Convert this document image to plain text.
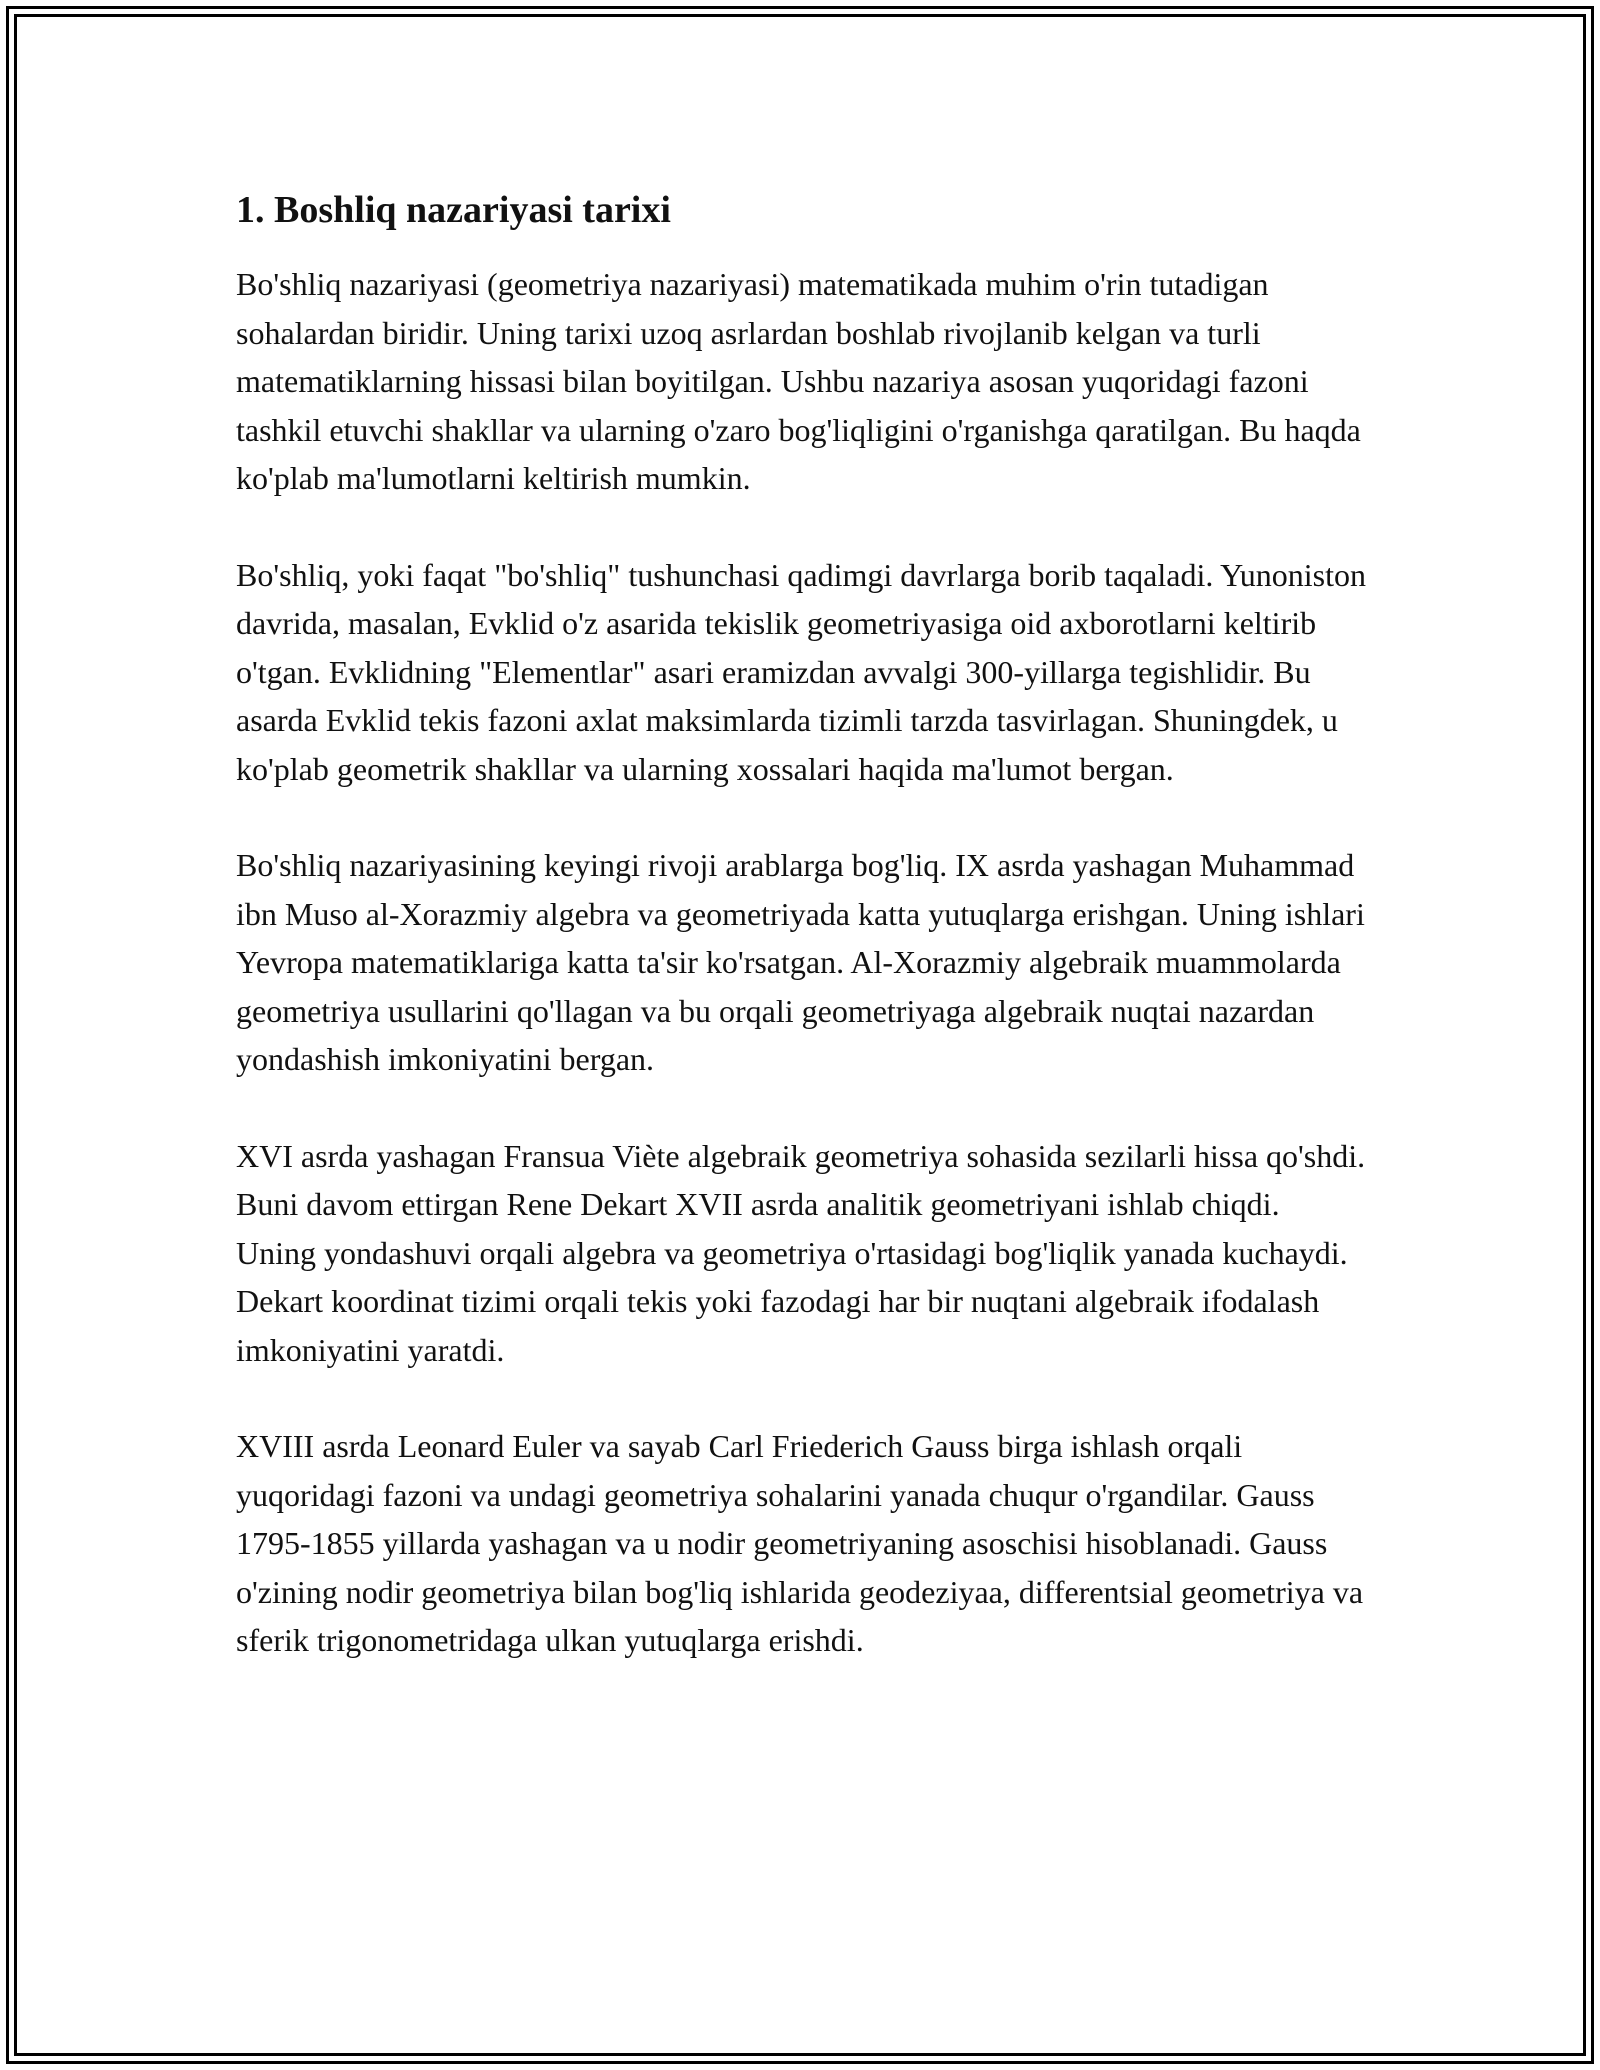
1. Boshliq nazariyasi tarixi

Bo'shliq nazariyasi (geometriya nazariyasi) matematikada muhim o'rin tutadigan sohalardan biridir. Uning tarixi uzoq asrlardan boshlab rivojlanib kelgan va turli matematiklarning hissasi bilan boyitilgan. Ushbu nazariya asosan yuqoridagi fazoni tashkil etuvchi shakllar va ularning o'zaro bog'liqligini o'rganishga qaratilgan. Bu haqda ko'plab ma'lumotlarni keltirish mumkin.

Bo'shliq, yoki faqat "bo'shliq" tushunchasi qadimgi davrlarga borib taqaladi. Yunoniston davrida, masalan, Evklid o'z asarida tekislik geometriyasiga oid axborotlarni keltirib o'tgan. Evklidning "Elementlar" asari eramizdan avvalgi 300-yillarga tegishlidir. Bu asarda Evklid tekis fazoni axlat maksimlarda tizimli tarzda tasvirlagan. Shuningdek, u ko'plab geometrik shakllar va ularning xossalari haqida ma'lumot bergan.

Bo'shliq nazariyasining keyingi rivoji arablarga bog'liq. IX asrda yashagan Muhammad ibn Muso al-Xorazmiy algebra va geometriyada katta yutuqlarga erishgan. Uning ishlari Yevropa matematiklariga katta ta'sir ko'rsatgan. Al-Xorazmiy algebraik muammolarda geometriya usullarini qo'llagan va bu orqali geometriyaga algebraik nuqtai nazardan yondashish imkoniyatini bergan.

XVI asrda yashagan Fransua Viète algebraik geometriya sohasida sezilarli hissa qo'shdi. Buni davom ettirgan Rene Dekart XVII asrda analitik geometriyani ishlab chiqdi. Uning yondashuvi orqali algebra va geometriya o'rtasidagi bog'liqlik yanada kuchaydi. Dekart koordinat tizimi orqali tekis yoki fazodagi har bir nuqtani algebraik ifodalash imkoniyatini yaratdi.

XVIII asrda Leonard Euler va sayab Carl Friederich Gauss birga ishlash orqali yuqoridagi fazoni va undagi geometriya sohalarini yanada chuqur o'rgandilar. Gauss 1795-1855 yillarda yashagan va u nodir geometriyaning asoschisi hisoblanadi. Gauss o'zining nodir geometriya bilan bog'liq ishlarida geodeziyaa, differentsial geometriya va sferik trigonometridaga ulkan yutuqlarga erishdi.
